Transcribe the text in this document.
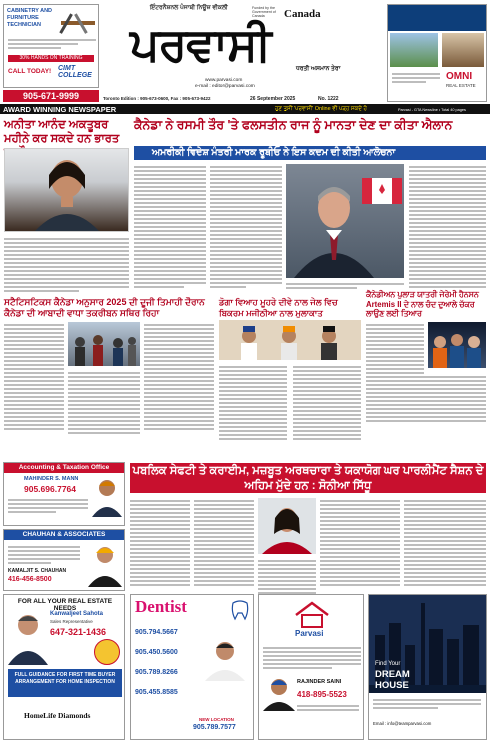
CABINETRY AND FURNITURE TECHNICIAN
30% HANDS ON TRAINING
CALL TODAY! CIMT COLLEGE
905-671-9999
ਇੰਟਰਨੈਸ਼ਨਲ ਪੰਜਾਬੀ ਨਿਊਜ਼ ਵੀਕਲੀ	Funded by the Government of Canada	Canada
ਪਰਵਾਸੀ	ਧਰਤੀ ਅਸਮਾਨ ਤੇਰਾ
www.parvasi.com
e-mail : editor@parvasi.com
Toronto Edition : 905-673-0600, Fax : 905-673-9422	26 September 2025	No. 1222
OMNI
REAL ESTATE
AWARD WINNING NEWSPAPER	ਹੁਣ ਤੁਸੀਂ 'ਪਰਵਾਸੀ' Online ਵੀ ਪੜ੍ਹ ਸਕਦੇ ਹੋ	Parvasi - GTA Newsline • Total 40 pages
ਅਨੀਤਾ ਆਨੰਦ ਅਕਤੂਬਰ ਮਹੀਨੇ ਕਰ ਸਕਦੇ ਹਨ ਭਾਰਤ
ਕੈਨੇਡਾ ਨੇ ਰਸਮੀ ਤੌਰ 'ਤੇ ਫਲਸਤੀਨ ਰਾਜ ਨੂੰ ਮਾਨਤਾ ਦੇਣ ਦਾ ਕੀਤਾ ਐਲਾਨ
ਅਮਰੀਕੀ ਵਿਦੇਸ਼ ਮੰਤਰੀ ਮਾਰਕ ਰੂਬੀਓ ਨੇ ਇਸ ਕਦਮ ਦੀ ਕੀਤੀ ਆਲੋਚਨਾ
ਸਟੈਟਿਸਟਿਕਸ ਕੈਨੇਡਾ ਅਨੁਸਾਰ 2025 ਦੀ ਦੂਜੀ ਤਿਮਾਹੀ ਦੌਰਾਨ ਕੈਨੇਡਾ ਦੀ ਆਬਾਦੀ ਵਾਧਾ ਤਕਰੀਬਨ ਸਥਿਰ ਰਿਹਾ
ਡੋਗਾ ਵਿਆਹ ਮੂਹਰੇ ਦੀਵੇ ਨਾਲ ਜੇਲ ਵਿਚ ਬਿਕਰਮ ਮਜੀਠੀਆ ਨਾਲ ਮੁਲਾਕਾਤ
ਕੈਨੇਡੀਅਨ ਪੁਲਾੜ ਯਾਤਰੀ ਜੇਰੇਮੀ ਹੈਨਸਨ Artemis II ਦੇ ਨਾਲ ਚੰਦ ਦੁਆਲੇ ਚੱਕਰ ਲਾਉਣ ਲਈ ਤਿਆਰ
Accounting & Taxation Office
MAHINDER S. MANN
905.696.7764
CHAUHAN & ASSOCIATES
KAMALJIT S. CHAUHAN
416-456-8500
FOR ALL YOUR REAL ESTATE NEEDS
Kanwaljeet Sahota
Sales Representative
647-321-1436
FULL GUIDANCE FOR FIRST TIME BUYER ARRANGEMENT FOR HOME INSPECTION
HomeLife Diamonds
ਪਬਲਿਕ ਸੇਫਟੀ ਤੇ ਕਰਾਈਮ, ਮਜ਼ਬੂਤ ਅਰਥਚਾਰਾ ਤੇ ਯਕਾਯੋਗ ਘਰ ਪਾਰਲੀਮੈਂਟ ਸੈਸ਼ਨ ਦੇ ਅਹਿਮ ਮੁੱਦੇ ਹਨ : ਸੋਨੀਆ ਸਿੱਧੂ
Dentist
905.794.5667
905.450.5600
905.789.8266
905.455.8585
NEW LOCATION
905.789.7577
Parvasi
RAJINDER SAINI
418-895-5523
Find Your
DREAM
HOUSE
Email : info@teamparvasi.com
